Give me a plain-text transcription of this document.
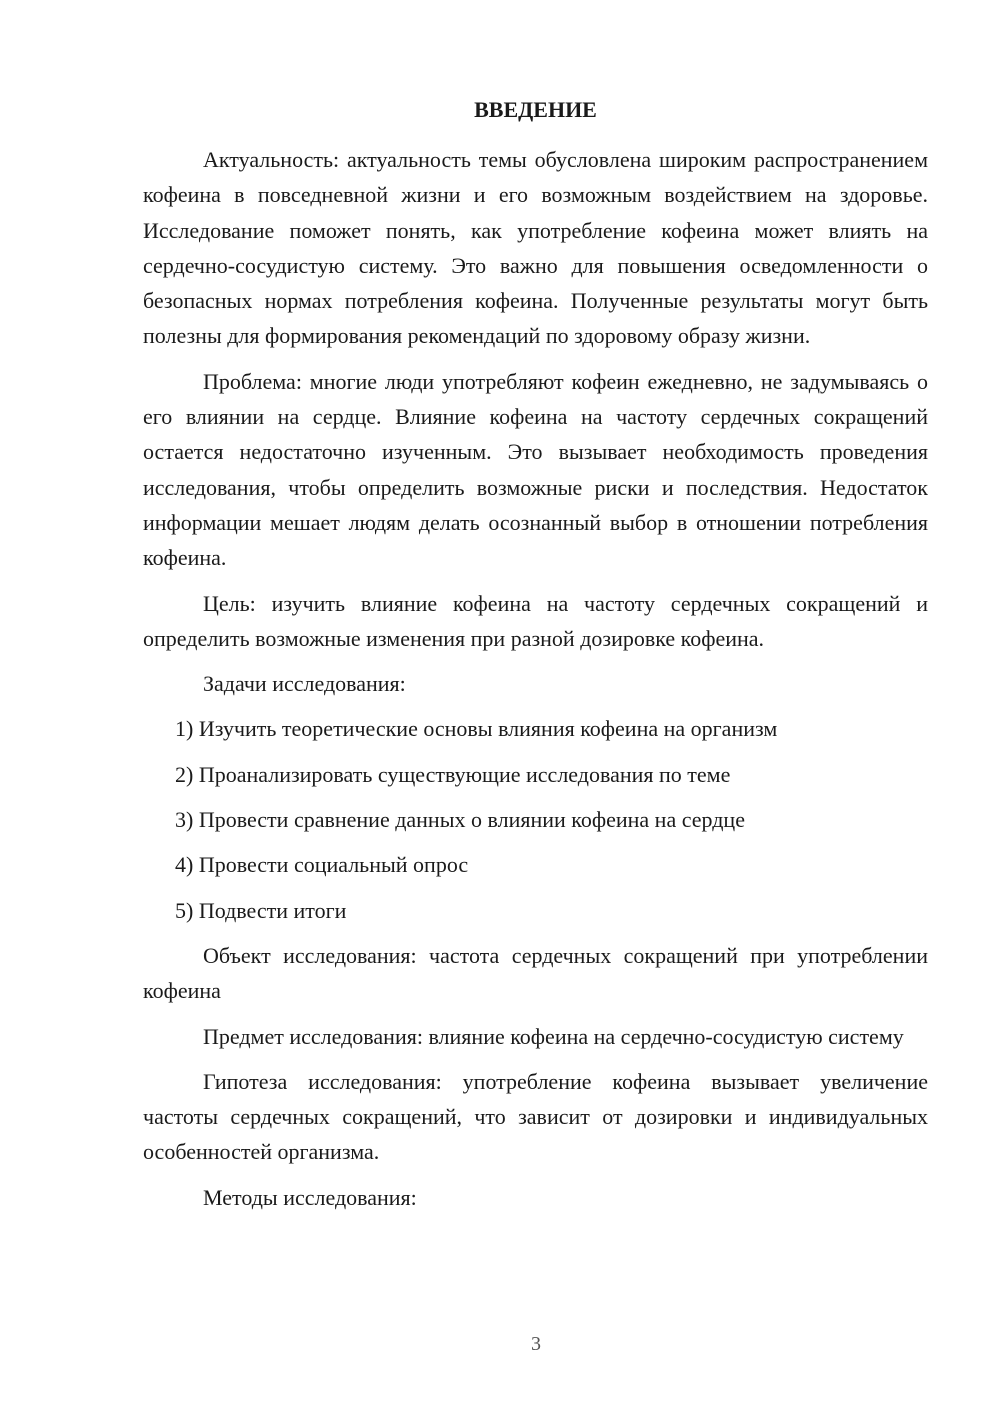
ВВЕДЕНИЕ

Актуальность: актуальность темы обусловлена широким распространением кофеина в повседневной жизни и его возможным воздействием на здоровье. Исследование поможет понять, как употребление кофеина может влиять на сердечно-сосудистую систему. Это важно для повышения осведомленности о безопасных нормах потребления кофеина. Полученные результаты могут быть полезны для формирования рекомендаций по здоровому образу жизни.

Проблема: многие люди употребляют кофеин ежедневно, не задумываясь о его влиянии на сердце. Влияние кофеина на частоту сердечных сокращений остается недостаточно изученным. Это вызывает необходимость проведения исследования, чтобы определить возможные риски и последствия. Недостаток информации мешает людям делать осознанный выбор в отношении потребления кофеина.

Цель: изучить влияние кофеина на частоту сердечных сокращений и определить возможные изменения при разной дозировке кофеина.

Задачи исследования:

1) Изучить теоретические основы влияния кофеина на организм
2) Проанализировать существующие исследования по теме
3) Провести сравнение данных о влиянии кофеина на сердце
4) Провести социальный опрос
5) Подвести итоги

Объект исследования: частота сердечных сокращений при употреблении кофеина

Предмет исследования: влияние кофеина на сердечно-сосудистую систему

Гипотеза исследования: употребление кофеина вызывает увеличение частоты сердечных сокращений, что зависит от дозировки и индивидуальных особенностей организма.

Методы исследования:

3
